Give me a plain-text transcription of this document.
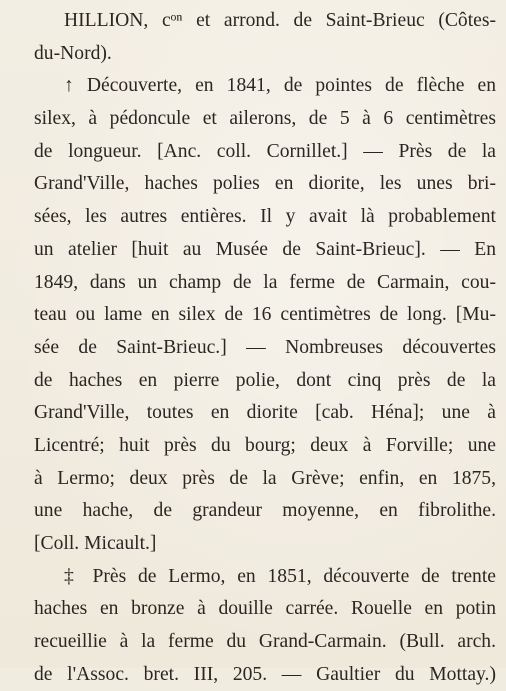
HILLION, cᵒⁿ et arrond. de Saint-Brieuc (Côtes-
du-Nord).
↑ Découverte, en 1841, de pointes de flèche en
silex, à pédoncule et ailerons, de 5 à 6 centimètres
de longueur. [Anc. coll. Cornillet.] — Près de la
Grand'Ville, haches polies en diorite, les unes bri-
sées, les autres entières. Il y avait là probablement
un atelier [huit au Musée de Saint-Brieuc]. — En
1849, dans un champ de la ferme de Carmain, cou-
teau ou lame en silex de 16 centimètres de long. [Mu-
sée de Saint-Brieuc.] — Nombreuses découvertes
de haches en pierre polie, dont cinq près de la
Grand'Ville, toutes en diorite [cab. Héna]; une à
Licentré; huit près du bourg; deux à Forville; une
à Lermo; deux près de la Grève; enfin, en 1875,
une hache, de grandeur moyenne, en fibrolithe.
[Coll. Micault.]
‡ Près de Lermo, en 1851, découverte de trente
haches en bronze à douille carrée. Rouelle en potin
recueillie à la ferme du Grand-Carmain. (Bull. arch.
de l'Assoc. bret. III, 205. — Gaultier du Mottay.)
